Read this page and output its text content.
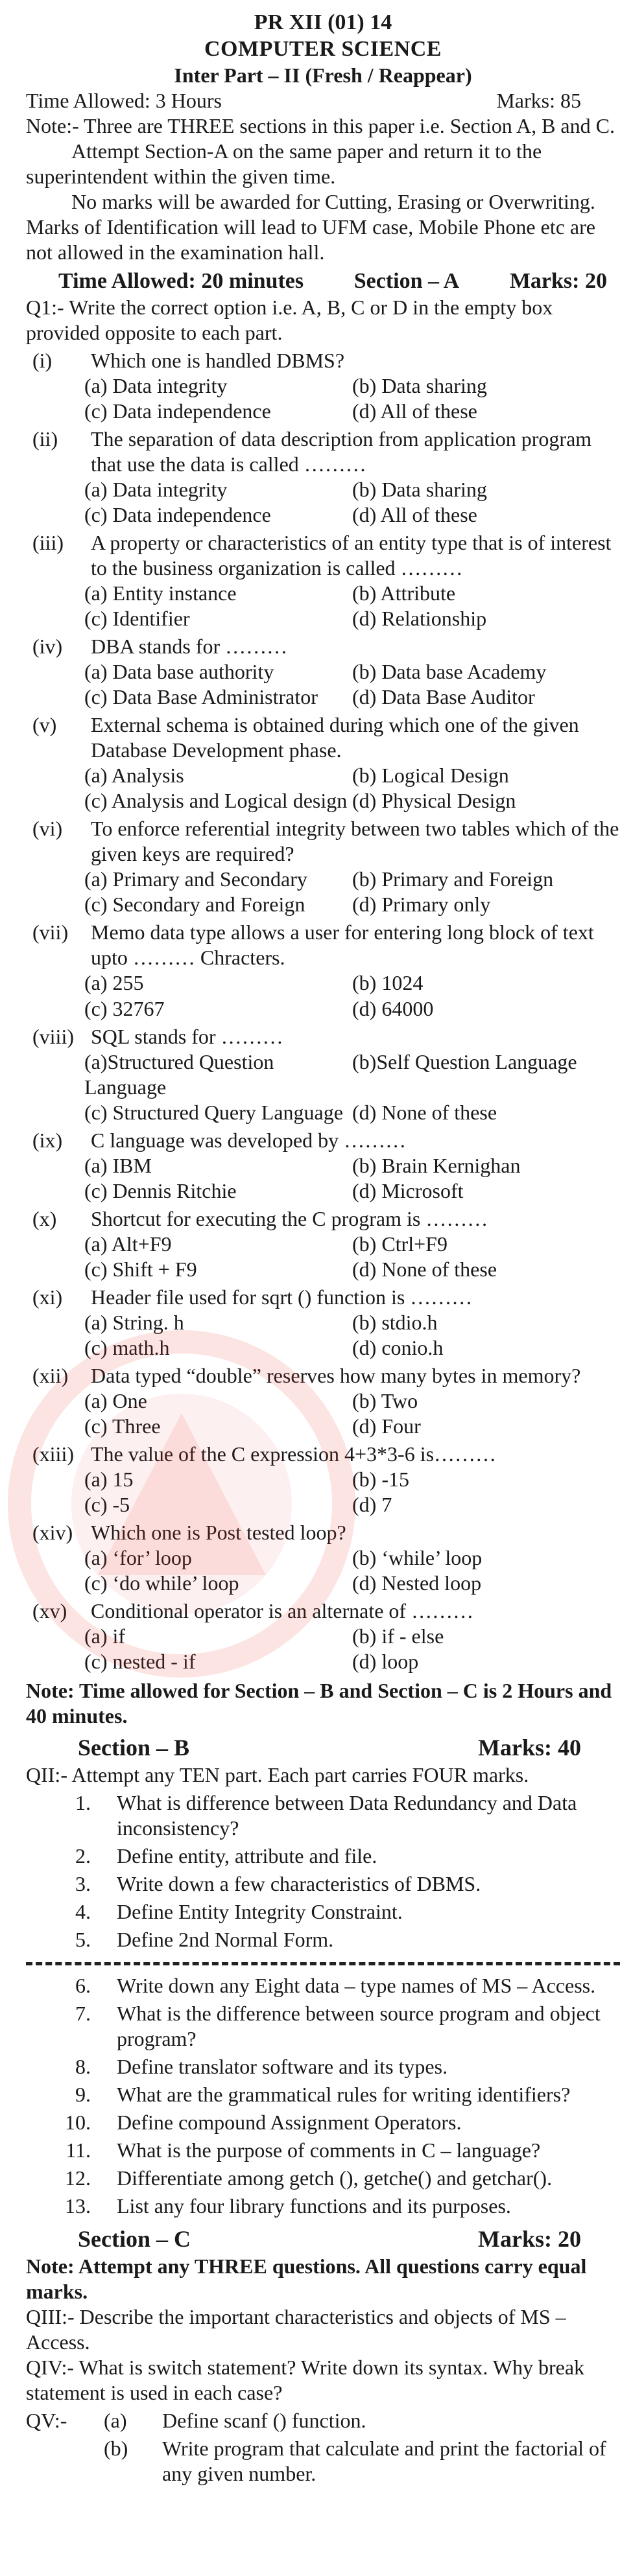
PR XII (01) 14
COMPUTER SCIENCE
Inter Part – II (Fresh / Reappear)
Time Allowed: 3 Hours	Marks: 85

Note:- Three are THREE sections in this paper i.e. Section A, B and C.

Attempt Section-A on the same paper and return it to the superintendent within the given time.

No marks will be awarded for Cutting, Erasing or Overwriting. Marks of Identification will lead to UFM case, Mobile Phone etc are not allowed in the examination hall.

Time Allowed: 20 minutes Section – A Marks: 20

Q1:- Write the correct option i.e. A, B, C or D in the empty box provided opposite to each part.

(i)	Which one is handled DBMS?
(a) Data integrity	(b) Data sharing
(c) Data independence	(d) All of these
(ii)	The separation of data description from application program that use the data is called ………
(a) Data integrity	(b) Data sharing
(c) Data independence	(d) All of these
(iii)	A property or characteristics of an entity type that is of interest to the business organization is called ………
(a) Entity instance	(b) Attribute
(c) Identifier	(d) Relationship
(iv)	DBA stands for ………
(a) Data base authority	(b) Data base Academy
(c) Data Base Administrator	(d) Data Base Auditor
(v)	External schema is obtained during which one of the given Database Development phase.
(a) Analysis	(b) Logical Design
(c) Analysis and Logical design (d) Physical Design
(vi)	To enforce referential integrity between two tables which of the given keys are required?
(a) Primary and Secondary	(b) Primary and Foreign
(c) Secondary and Foreign	(d) Primary only
(vii)	Memo data type allows a user for entering long block of text upto ……… Chracters.
(a) 255	(b) 1024
(c) 32767	(d) 64000
(viii) SQL stands for ………
(a)Structured Question Language
(b)Self Question Language
(c) Structured Query Language (d) None of these
(ix)	C language was developed by ………
(a) IBM	(b) Brain Kernighan
(c) Dennis Ritchie	(d) Microsoft
(x)	Shortcut for executing the C program is ………
(a) Alt+F9	(b) Ctrl+F9
(c) Shift + F9	(d) None of these
(xi)	Header file used for sqrt () function is ………
(a) String. h	(b) stdio.h
(c) math.h	(d) conio.h
(xii)	Data typed “double” reserves how many bytes in memory?
(a) One	(b) Two
(c) Three	(d) Four
(xiii) The value of the C expression 4+3*3-6 is………
(a) 15	(b) -15
(c) -5	(d) 7
(xiv) Which one is Post tested loop?
(a) ‘for’ loop	(b) ‘while’ loop
(c) ‘do while’ loop	(d) Nested loop
(xv)	Conditional operator is an alternate of ………
(a) if	(b) if - else
(c) nested - if	(d) loop

Note: Time allowed for Section – B and Section – C is 2 Hours and 40 minutes.

Section – B	Marks: 40

QII:- Attempt any TEN part. Each part carries FOUR marks.

1.	What is difference between Data Redundancy and Data inconsistency?
2.	Define entity, attribute and file.
3.	Write down a few characteristics of DBMS.
4.	Define Entity Integrity Constraint.
5.	Define 2nd Normal Form.
6.	Write down any Eight data – type names of MS – Access.
7.	What is the difference between source program and object program?
8.	Define translator software and its types.
9.	What are the grammatical rules for writing identifiers?
10.	Define compound Assignment Operators.
11.	What is the purpose of comments in C – language?
12.	Differentiate among getch (), getche() and getchar().
13.	List any four library functions and its purposes.
Section – C	Marks: 20

Note: Attempt any THREE questions. All questions carry equal marks.

QIII:- Describe the important characteristics and objects of MS – Access.

QIV:- What is switch statement? Write down its syntax. Why break statement is used in each case?

QV:-	(a)	Define scanf () function.
(b)	Write program that calculate and print the factorial of any given number.
